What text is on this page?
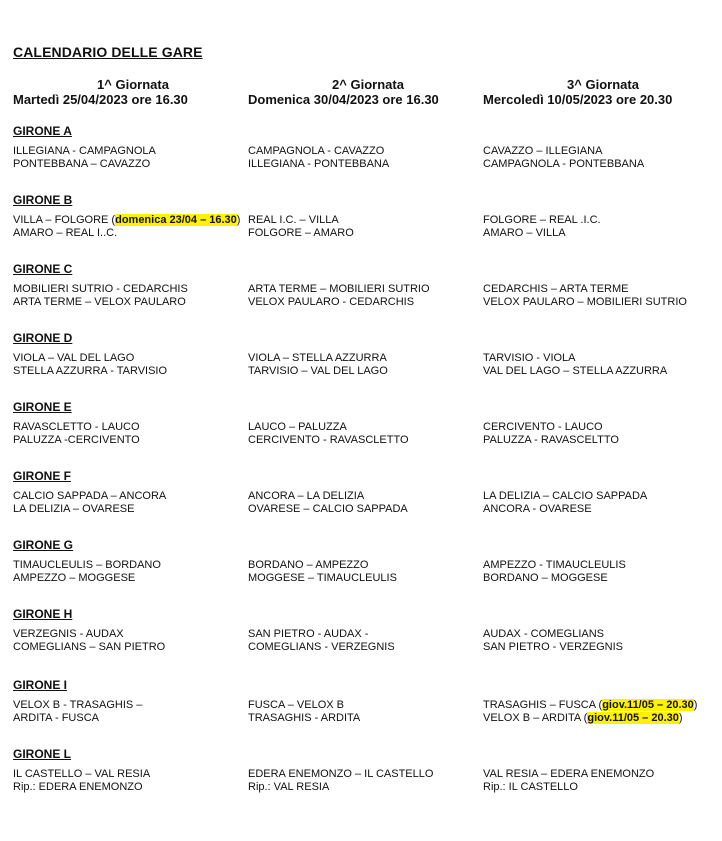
CALENDARIO DELLE GARE
1^ Giornata
Martedì 25/04/2023 ore 16.30
2^ Giornata
Domenica 30/04/2023 ore 16.30
3^ Giornata
Mercoledì 10/05/2023 ore 20.30
GIRONE A
ILLEGIANA - CAMPAGNOLA
PONTEBBANA – CAVAZZO
CAMPAGNOLA - CAVAZZO
ILLEGIANA - PONTEBBANA
CAVAZZO – ILLEGIANA
CAMPAGNOLA - PONTEBBANA
GIRONE B
VILLA – FOLGORE (domenica 23/04 – 16.30)
AMARO – REAL I..C.
REAL I.C. – VILLA
FOLGORE – AMARO
FOLGORE – REAL .I.C.
AMARO – VILLA
GIRONE C
MOBILIERI SUTRIO - CEDARCHIS
ARTA TERME – VELOX PAULARO
ARTA TERME – MOBILIERI SUTRIO
VELOX PAULARO - CEDARCHIS
CEDARCHIS – ARTA TERME
VELOX PAULARO – MOBILIERI SUTRIO
GIRONE D
VIOLA – VAL DEL LAGO
STELLA AZZURRA - TARVISIO
VIOLA – STELLA AZZURRA
TARVISIO – VAL DEL LAGO
TARVISIO - VIOLA
VAL DEL LAGO – STELLA AZZURRA
GIRONE E
RAVASCLETTO - LAUCO
PALUZZA -CERCIVENTO
LAUCO – PALUZZA
CERCIVENTO - RAVASCLETTO
CERCIVENTO - LAUCO
PALUZZA - RAVASCELTTO
GIRONE F
CALCIO SAPPADA – ANCORA
LA DELIZIA – OVARESE
ANCORA – LA DELIZIA
OVARESE – CALCIO SAPPADA
LA DELIZIA – CALCIO SAPPADA
ANCORA - OVARESE
GIRONE G
TIMAUCLEULIS – BORDANO
AMPEZZO – MOGGESE
BORDANO – AMPEZZO
MOGGESE – TIMAUCLEULIS
AMPEZZO - TIMAUCLEULIS
BORDANO – MOGGESE
GIRONE H
VERZEGNIS - AUDAX
COMEGLIANS – SAN PIETRO
SAN PIETRO - AUDAX -
COMEGLIANS - VERZEGNIS
AUDAX - COMEGLIANS
SAN PIETRO - VERZEGNIS
GIRONE I
VELOX B - TRASAGHIS –
ARDITA - FUSCA
FUSCA – VELOX B
TRASAGHIS - ARDITA
TRASAGHIS – FUSCA (giov.11/05 – 20.30)
VELOX B – ARDITA (giov.11/05 – 20.30)
GIRONE L
IL CASTELLO – VAL RESIA
Rip.: EDERA ENEMONZO
EDERA ENEMONZO – IL CASTELLO
Rip.: VAL RESIA
VAL RESIA – EDERA ENEMONZO
Rip.: IL CASTELLO
